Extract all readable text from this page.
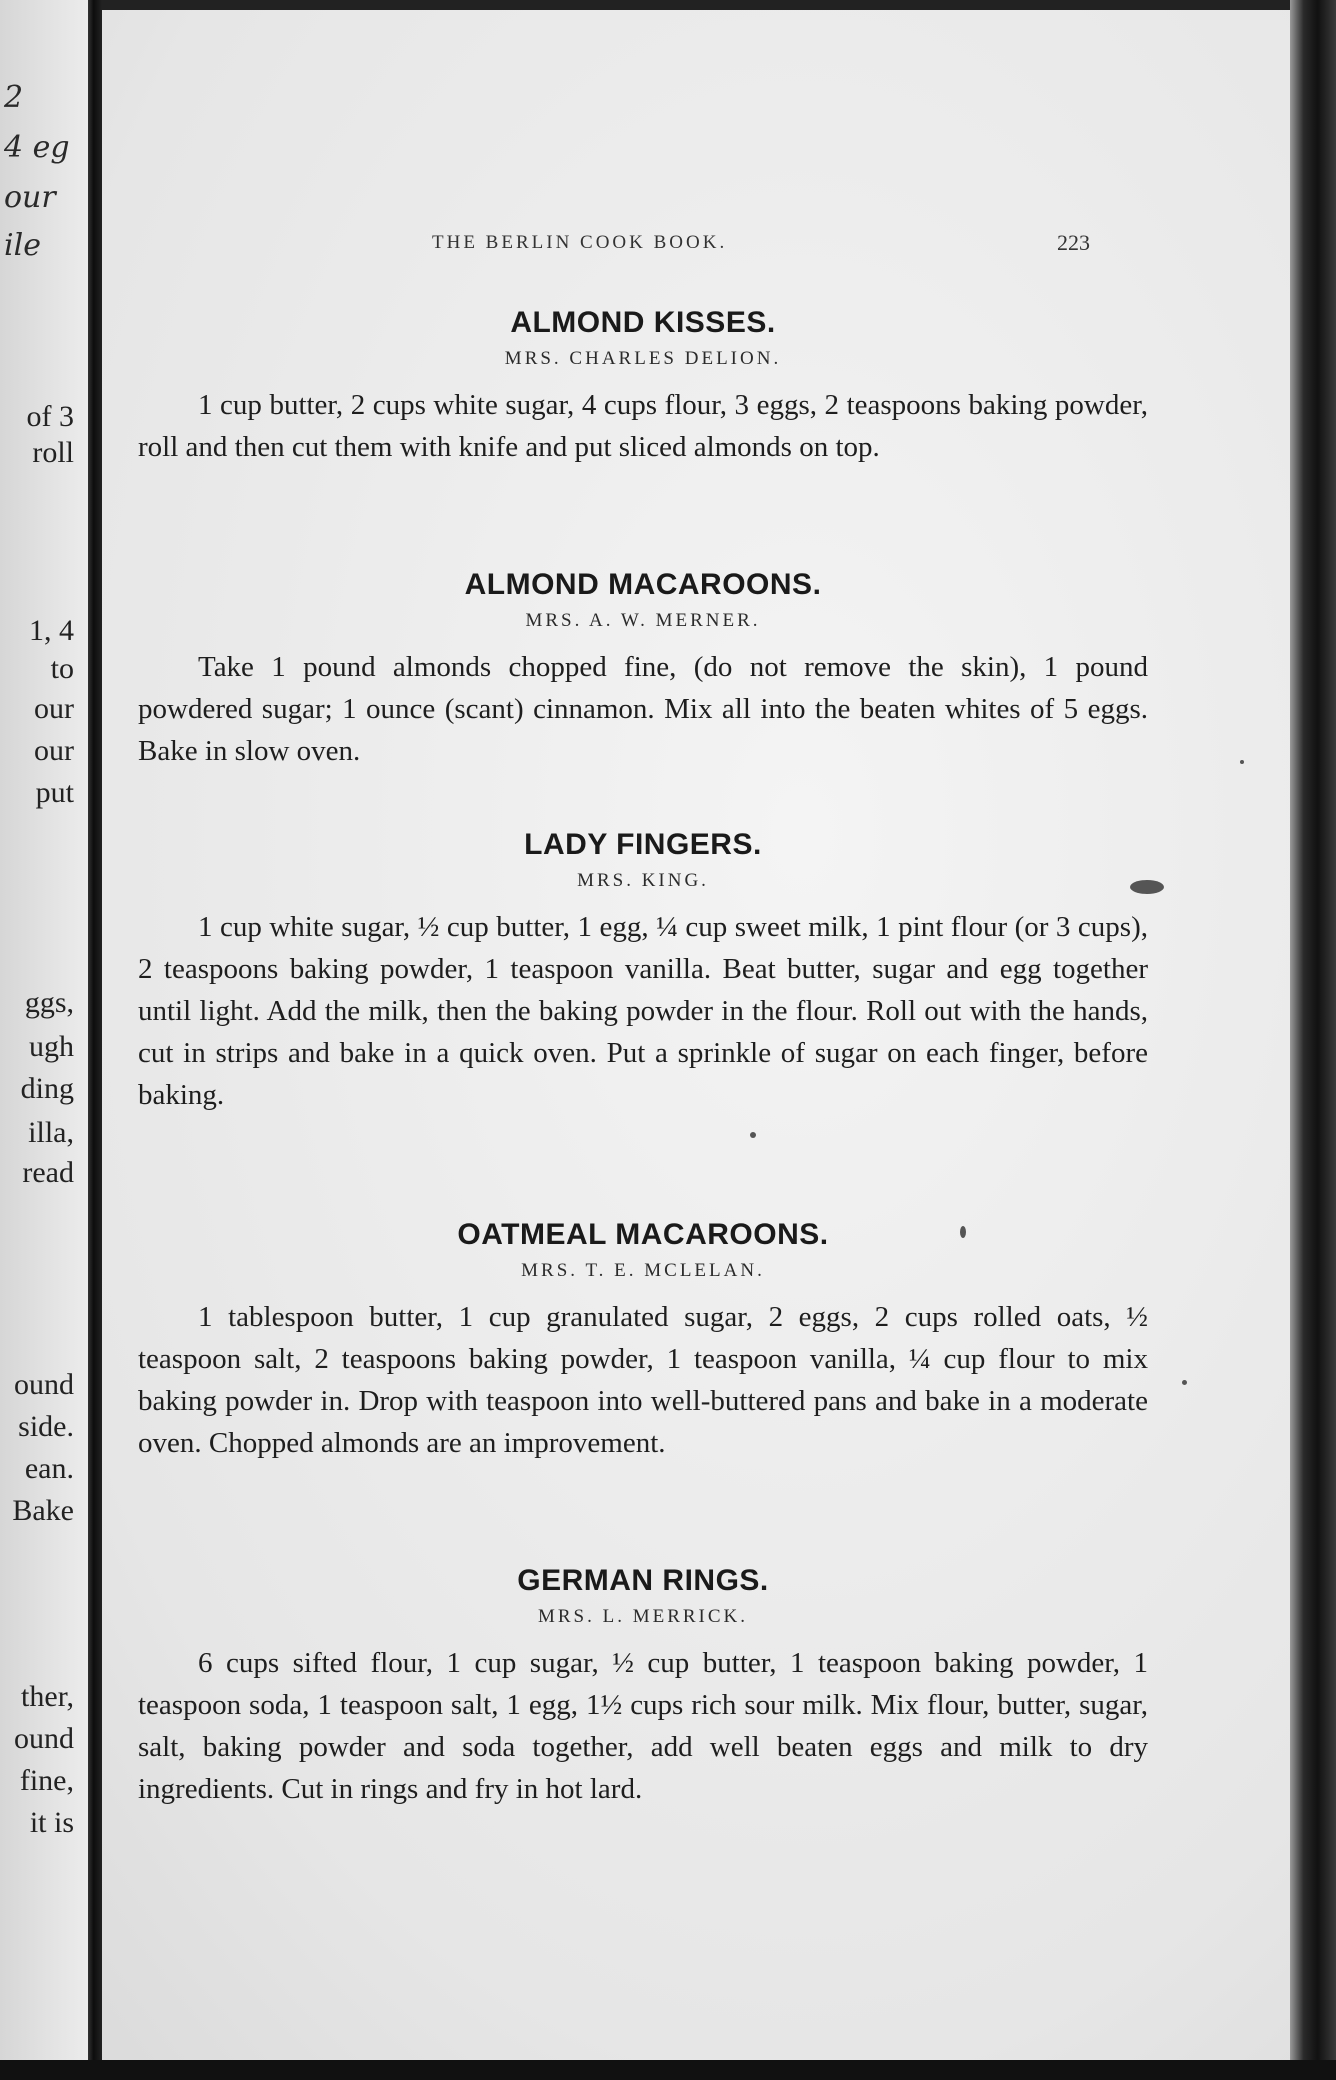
2
4 eg
our
ile
of 3
roll
1, 4
to
our
our
put
ggs,
ugh
ding
illa,
read
ound
side.
ean.
Bake
ther,
ound
fine,
it is
THE BERLIN COOK BOOK.	223
ALMOND KISSES.
MRS. CHARLES DELION.

1 cup butter, 2 cups white sugar, 4 cups flour, 3 eggs, 2 teaspoons baking powder, roll and then cut them with knife and put sliced almonds on top.

ALMOND MACAROONS.
MRS. A. W. MERNER.

Take 1 pound almonds chopped fine, (do not remove the skin), 1 pound powdered sugar; 1 ounce (scant) cinnamon. Mix all into the beaten whites of 5 eggs. Bake in slow oven.

LADY FINGERS.
MRS. KING.

1 cup white sugar, ½ cup butter, 1 egg, ¼ cup sweet milk, 1 pint flour (or 3 cups), 2 teaspoons baking powder, 1 teaspoon vanilla. Beat butter, sugar and egg together until light. Add the milk, then the baking powder in the flour. Roll out with the hands, cut in strips and bake in a quick oven. Put a sprinkle of sugar on each finger, before baking.

OATMEAL MACAROONS.
MRS. T. E. MCLELAN.

1 tablespoon butter, 1 cup granulated sugar, 2 eggs, 2 cups rolled oats, ½ teaspoon salt, 2 teaspoons baking powder, 1 teaspoon vanilla, ¼ cup flour to mix baking powder in. Drop with teaspoon into well-buttered pans and bake in a moderate oven. Chopped almonds are an improvement.

GERMAN RINGS.
MRS. L. MERRICK.

6 cups sifted flour, 1 cup sugar, ½ cup butter, 1 teaspoon baking powder, 1 teaspoon soda, 1 teaspoon salt, 1 egg, 1½ cups rich sour milk. Mix flour, butter, sugar, salt, baking powder and soda together, add well beaten eggs and milk to dry ingredients. Cut in rings and fry in hot lard.
